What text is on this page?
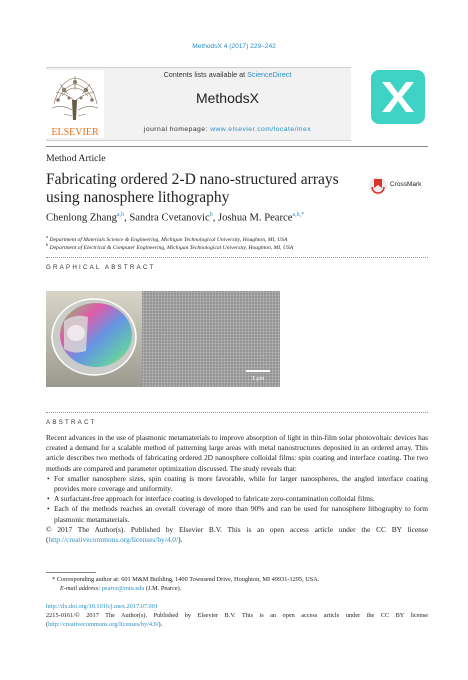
MethodsX 4 (2017) 229–242
ELSEVIER
Contents lists available at ScienceDirect
MethodsX
journal homepage: www.elsevier.com/locate/mex
Method Article
Fabricating ordered 2-D nano-structured arrays using nanosphere lithography
CrossMark
Chenlong Zhang$^{a,b}$, Sandra Cvetanovic$^b$, Joshua M. Pearce$^{a,b,*}$
$^a$ Department of Materials Science & Engineering, Michigan Technological University, Houghton, MI, USA
$^b$ Department of Electrical & Computer Engineering, Michigan Technological University, Houghton, MI, USA
GRAPHICAL ABSTRACT
1 μm
ABSTRACT

Recent advances in the use of plasmonic metamaterials to improve absorption of light in thin-film solar photovoltaic devices has created a demand for a scalable method of patterning large areas with metal nanostructures deposited in an ordered array. This article describes two methods of fabricating ordered 2D nanosphere colloidal films: spin coating and interface coating. The two methods are compared and parameter optimization discussed. The study reveals that:

• For smaller nanosphere sizes, spin coating is more favorable, while for larger nanospheres, the angled interface coating provides more coverage and uniformity.
• A surfactant-free approach for interface coating is developed to fabricate zero-contamination colloidal films.
• Each of the methods reaches an overall coverage of more than 90% and can be used for nanosphere lithography to form plasmonic metamaterials.

© 2017 The Author(s). Published by Elsevier B.V. This is an open access article under the CC BY license (http://creativecommons.org/licenses/by/4.0/).

* Corresponding author at: 601 M&M Building, 1400 Townsend Drive, Houghton, MI 49931-1295, USA.
E-mail address: pearce@mtu.edu (J.M. Pearce).
http://dx.doi.org/10.1016/j.mex.2017.07.001
2215-0161/© 2017 The Author(s). Published by Elsevier B.V. This is an open access article under the CC BY license (http://creativecommons.org/licenses/by/4.0/).
